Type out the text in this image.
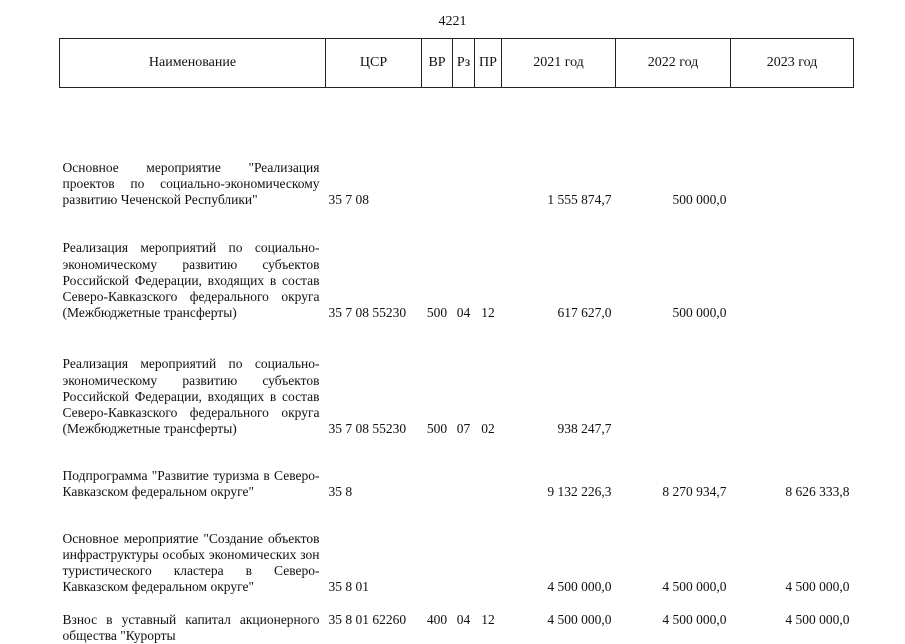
4221
Наименование	ЦСР	ВР	Рз	ПР	2021 год	2022 год	2023 год
Основное мероприятие "Реализация проектов по социально-экономическому развитию Чеченской Республики"	35 7 08				1 555 874,7	500 000,0	
Реализация мероприятий по социально-экономическому развитию субъектов Российской Федерации, входящих в состав Северо-Кавказского федерального округа (Межбюджетные трансферты)	35 7 08 55230	500	04	12	617 627,0	500 000,0	
Реализация мероприятий по социально-экономическому развитию субъектов Российской Федерации, входящих в состав Северо-Кавказского федерального округа (Межбюджетные трансферты)	35 7 08 55230	500	07	02	938 247,7		
Подпрограмма "Развитие туризма в Северо-Кавказском федеральном округе"	35 8				9 132 226,3	8 270 934,7	8 626 333,8
Основное мероприятие "Создание объектов инфраструктуры особых экономических зон туристического кластера в Северо-Кавказском федеральном округе"	35 8 01				4 500 000,0	4 500 000,0	4 500 000,0
Взнос в уставный капитал акционерного общества "Курорты	35 8 01 62260	400	04	12	4 500 000,0	4 500 000,0	4 500 000,0
